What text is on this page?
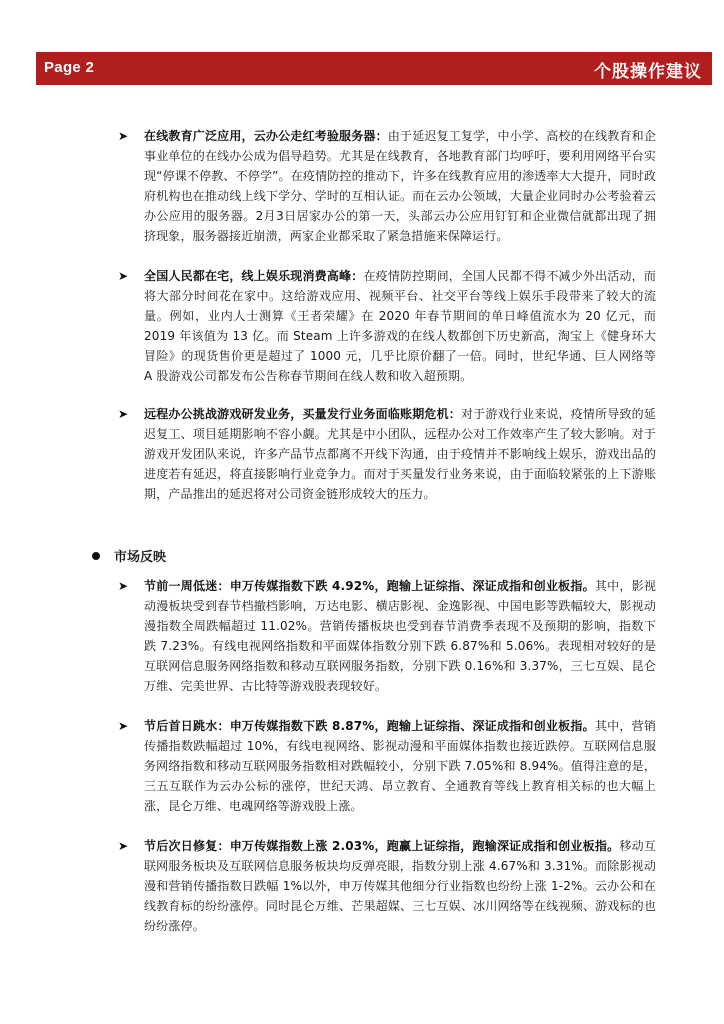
Page 2	个股操作建议
➤ 在线教育广泛应用，云办公走红考验服务器：由于延迟复工复学，中小学、高校的在线教育和企事业单位的在线办公成为倡导趋势。尤其是在线教育，各地教育部门均呼吁，要利用网络平台实现“停课不停教、不停学”。在疫情防控的推动下，许多在线教育应用的渗透率大大提升，同时政府机构也在推动线上线下学分、学时的互相认证。而在云办公领域，大量企业同时办公考验着云办公应用的服务器。2月3日居家办公的第一天，头部云办公应用钉钉和企业微信就都出现了拥挤现象，服务器接近崩溃，两家企业都采取了紧急措施来保障运行。
➤ 全国人民都在宅，线上娱乐现消费高峰：在疫情防控期间，全国人民都不得不减少外出活动，而将大部分时间花在家中。这给游戏应用、视频平台、社交平台等线上娱乐手段带来了较大的流量。例如，业内人士测算《王者荣耀》在 2020 年春节期间的单日峰值流水为 20 亿元，而 2019 年该值为 13 亿。而 Steam 上许多游戏的在线人数都创下历史新高，淘宝上《健身环大冒险》的现货售价更是超过了 1000 元，几乎比原价翻了一倍。同时，世纪华通、巨人网络等 A 股游戏公司都发布公告称春节期间在线人数和收入超预期。
➤ 远程办公挑战游戏研发业务，买量发行业务面临账期危机：对于游戏行业来说，疫情所导致的延迟复工、项目延期影响不容小觑。尤其是中小团队，远程办公对工作效率产生了较大影响。对于游戏开发团队来说，许多产品节点都离不开线下沟通，由于疫情并不影响线上娱乐，游戏出品的进度若有延迟，将直接影响行业竞争力。而对于买量发行业务来说，由于面临较紧张的上下游账期，产品推出的延迟将对公司资金链形成较大的压力。
市场反映
➤ 节前一周低迷：申万传媒指数下跌 4.92%，跑输上证综指、深证成指和创业板指。其中，影视动漫板块受到春节档撤档影响，万达电影、横店影视、金逸影视、中国电影等跌幅较大，影视动漫指数全周跌幅超过 11.02%。营销传播板块也受到春节消费季表现不及预期的影响，指数下跌 7.23%。有线电视网络指数和平面媒体指数分别下跌 6.87%和 5.06%。表现相对较好的是互联网信息服务网络指数和移动互联网服务指数，分别下跌 0.16%和 3.37%，三七互娱、昆仑万维、完美世界、古比特等游戏股表现较好。
➤ 节后首日跳水：申万传媒指数下跌 8.87%，跑输上证综指、深证成指和创业板指。其中，营销传播指数跌幅超过 10%，有线电视网络、影视动漫和平面媒体指数也接近跌停。互联网信息服务网络指数和移动互联网服务指数相对跌幅较小，分别下跌 7.05%和 8.94%。值得注意的是，三五互联作为云办公标的涨停，世纪天鸿、昂立教育、全通教育等线上教育相关标的也大幅上涨，昆仑万维、电魂网络等游戏股上涨。
➤ 节后次日修复：申万传媒指数上涨 2.03%，跑赢上证综指，跑输深证成指和创业板指。移动互联网服务板块及互联网信息服务板块均反弹亮眼，指数分别上涨 4.67%和 3.31%。而除影视动漫和营销传播指数日跌幅 1%以外，申万传媒其他细分行业指数也纷纷上涨 1-2%。云办公和在线教育标的纷纷涨停。同时昆仑万维、芒果超媒、三七互娱、冰川网络等在线视频、游戏标的也纷纷涨停。
